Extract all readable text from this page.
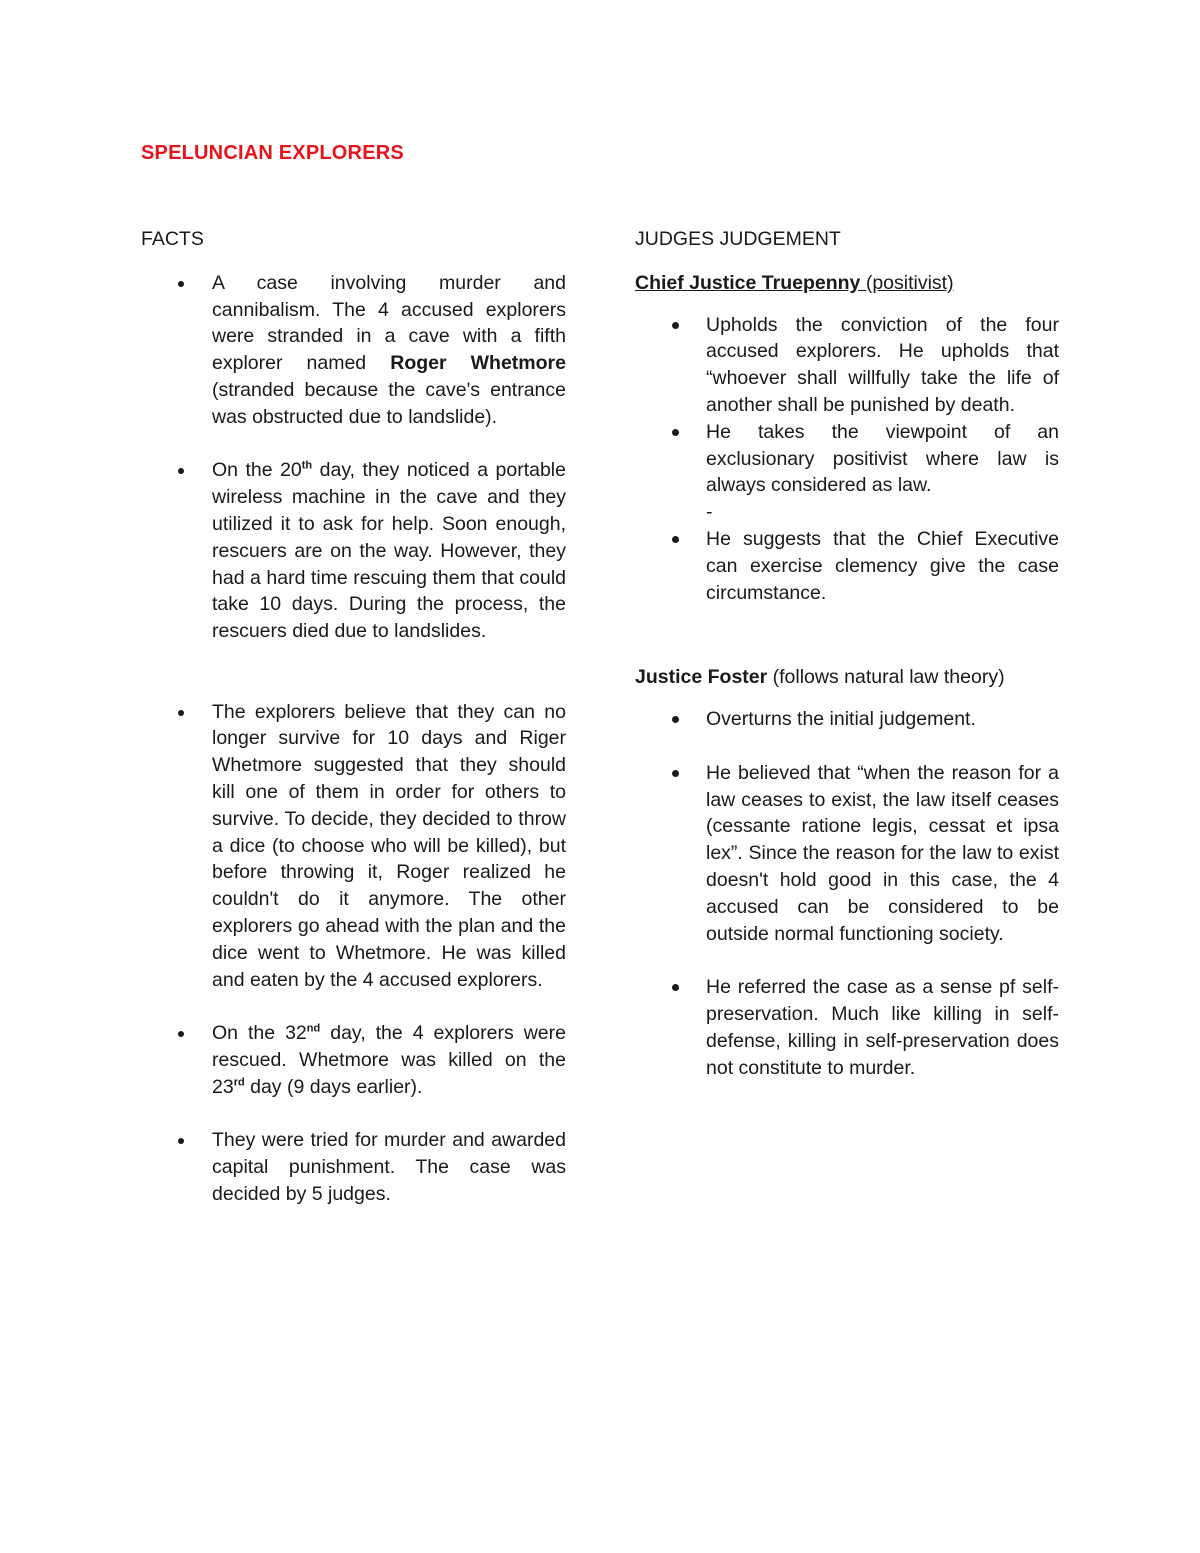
SPELUNCIAN EXPLORERS
FACTS
A case involving murder and cannibalism. The 4 accused explorers were stranded in a cave with a fifth explorer named Roger Whetmore (stranded because the cave's entrance was obstructed due to landslide).
On the 20th day, they noticed a portable wireless machine in the cave and they utilized it to ask for help. Soon enough, rescuers are on the way. However, they had a hard time rescuing them that could take 10 days. During the process, the rescuers died due to landslides.
The explorers believe that they can no longer survive for 10 days and Riger Whetmore suggested that they should kill one of them in order for others to survive. To decide, they decided to throw a dice (to choose who will be killed), but before throwing it, Roger realized he couldn't do it anymore. The other explorers go ahead with the plan and the dice went to Whetmore. He was killed and eaten by the 4 accused explorers.
On the 32nd day, the 4 explorers were rescued. Whetmore was killed on the 23rd day (9 days earlier).
They were tried for murder and awarded capital punishment. The case was decided by 5 judges.
JUDGES JUDGEMENT

Chief Justice Truepenny (positivist)

Upholds the conviction of the four accused explorers. He upholds that “whoever shall willfully take the life of another shall be punished by death.
He takes the viewpoint of an exclusionary positivist where law is always considered as law.
-
He suggests that the Chief Executive can exercise clemency give the case circumstance.

Justice Foster (follows natural law theory)

Overturns the initial judgement.
He believed that “when the reason for a law ceases to exist, the law itself ceases (cessante ratione legis, cessat et ipsa lex”. Since the reason for the law to exist doesn't hold good in this case, the 4 accused can be considered to be outside normal functioning society.
He referred the case as a sense pf self-preservation. Much like killing in self-defense, killing in self-preservation does not constitute to murder.
